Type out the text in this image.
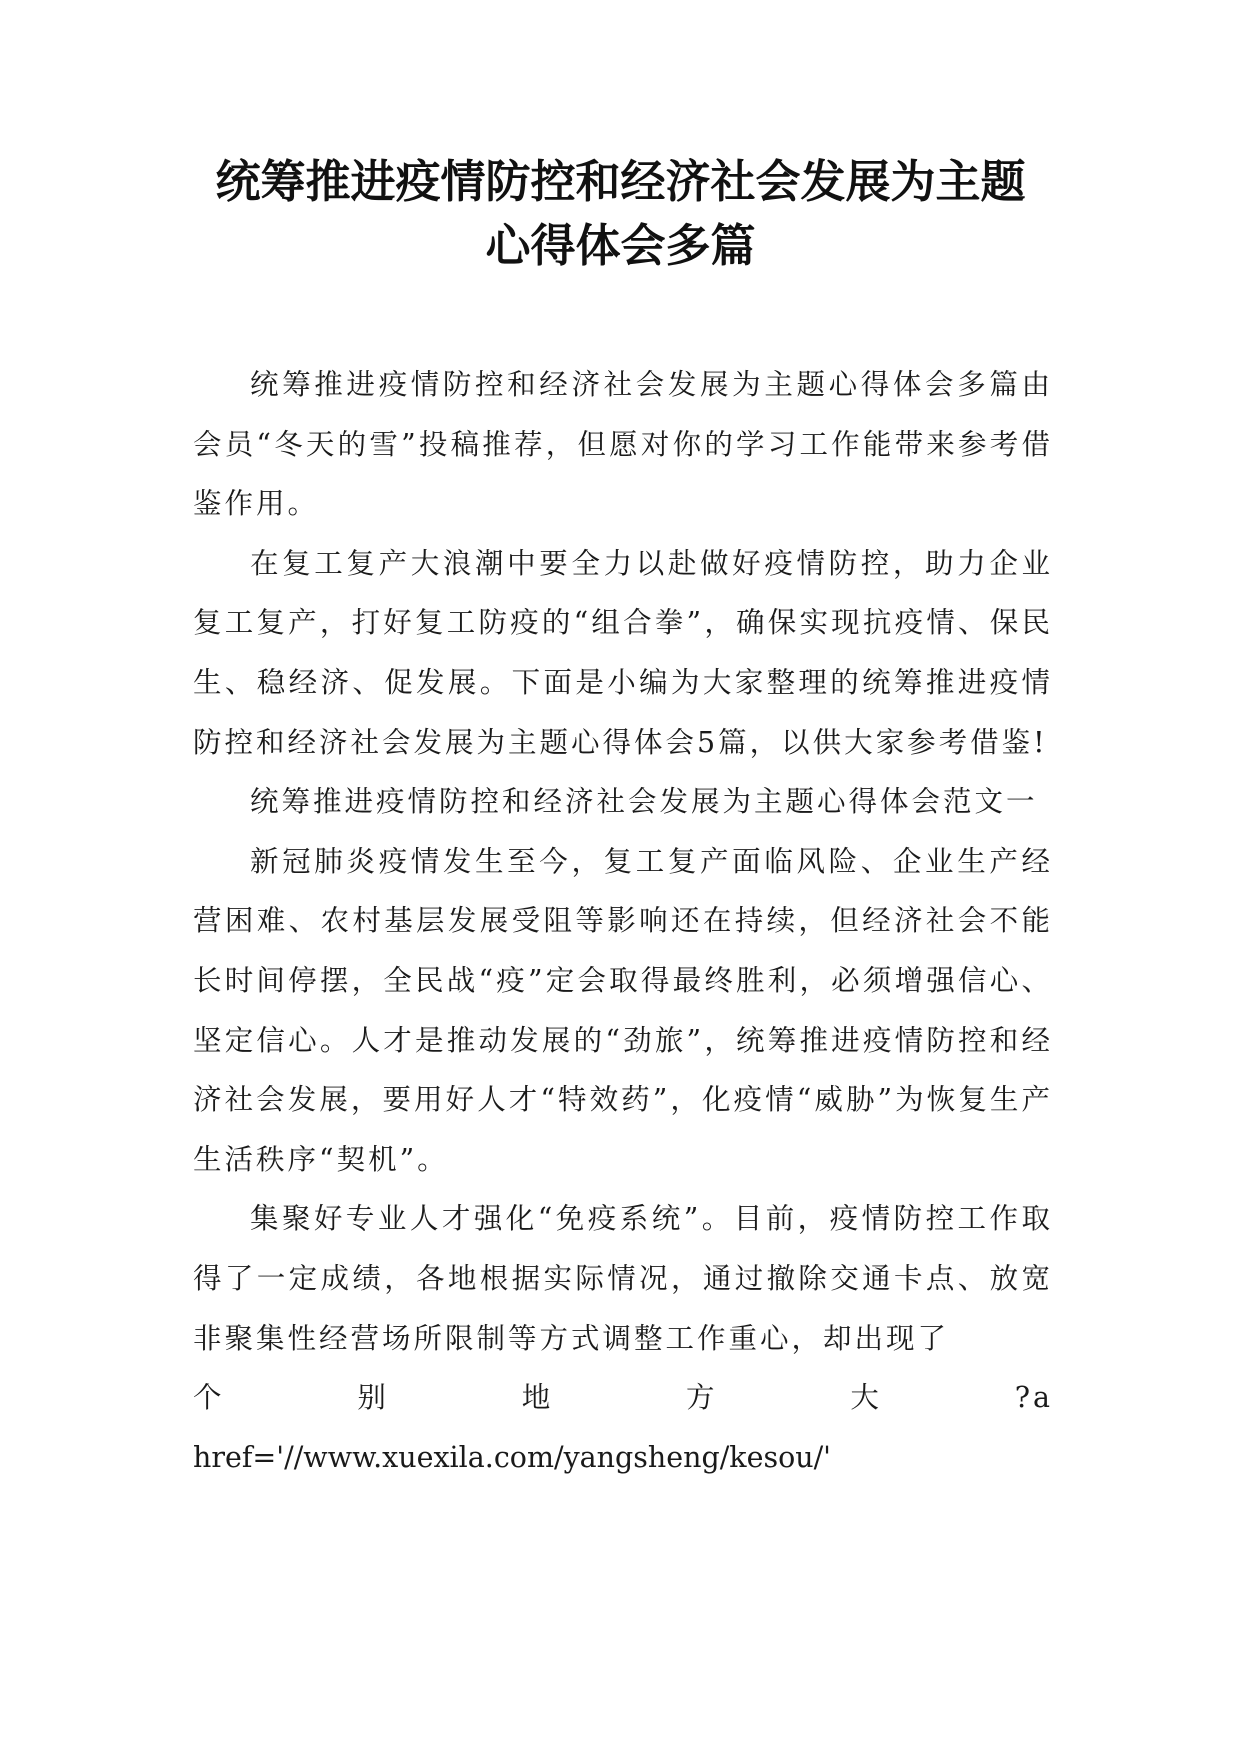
统筹推进疫情防控和经济社会发展为主题
心得体会多篇

统筹推进疫情防控和经济社会发展为主题心得体会多篇由会员“冬天的雪”投稿推荐，但愿对你的学习工作能带来参考借鉴作用。

在复工复产大浪潮中要全力以赴做好疫情防控，助力企业复工复产，打好复工防疫的“组合拳”，确保实现抗疫情、保民生、稳经济、促发展。下面是小编为大家整理的统筹推进疫情防控和经济社会发展为主题心得体会5篇，以供大家参考借鉴!

统筹推进疫情防控和经济社会发展为主题心得体会范文一

新冠肺炎疫情发生至今，复工复产面临风险、企业生产经营困难、农村基层发展受阻等影响还在持续，但经济社会不能长时间停摆，全民战“疫”定会取得最终胜利，必须增强信心、坚定信心。人才是推动发展的“劲旅”，统筹推进疫情防控和经济社会发展，要用好人才“特效药”，化疫情“威胁”为恢复生产生活秩序“契机”。

集聚好专业人才强化“免疫系统”。目前，疫情防控工作取得了一定成绩，各地根据实际情况，通过撤除交通卡点、放宽非聚集性经营场所限制等方式调整工作重心，却出现了

个	别	地	方	大	?a
href='//www.xuexila.com/yangsheng/kesou/'
